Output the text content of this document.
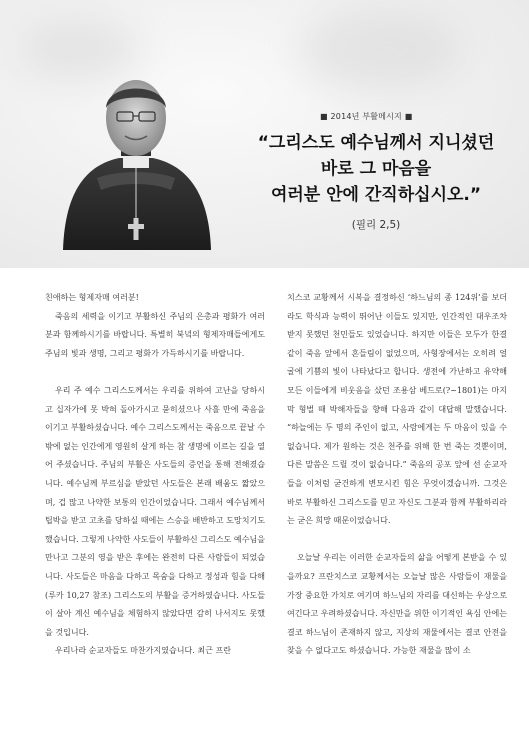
■ 2014년 부활메시지 ■
“그리스도 예수님께서 지니셨던
바로 그 마음을
여러분 안에 간직하십시오.”
(필리 2,5)

친애하는 형제자매 여러분!

죽음의 세력을 이기고 부활하신 주님의 은총과 평화가 여러분과 함께하시기를 바랍니다. 특별히 북녘의 형제자매들에게도 주님의 빛과 생명, 그리고 평화가 가득하시기를 바랍니다.

우리 주 예수 그리스도께서는 우리를 위하여 고난을 당하시고 십자가에 못 박혀 돌아가시고 묻히셨으나 사흘 만에 죽음을 이기고 부활하셨습니다. 예수 그리스도께서는 죽음으로 끝날 수 밖에 없는 인간에게 영원히 살게 하는 참 생명에 이르는 길을 열어 주셨습니다. 주님의 부활은 사도들의 증언을 통해 전해졌습니다. 예수님께 부르심을 받았던 사도들은 본래 배움도 짧았으며, 겁 많고 나약한 보통의 인간이었습니다. 그래서 예수님께서 팁박을 받고 고초를 당하실 때에는 스승을 배반하고 도망치기도 했습니다. 그렇게 나약한 사도들이 부활하신 그리스도 예수님을 만나고 그분의 영을 받은 후에는 완전히 다른 사람들이 되었습니다. 사도들은 마음을 다하고 목숨을 다하고 정성과 힘을 다해(루카 10,27 참조) 그리스도의 부활을 증거하였습니다. 사도들이 살아 계신 예수님을 체험하지 않았다면 감히 나서지도 못했을 것입니다.

우리나라 순교자들도 마찬가지였습니다. 최근 프란

치스코 교황께서 시복을 결정하신 ‘하느님의 종 124위’를 보더라도 학식과 능력이 뛰어난 이들도 있지만, 인간적인 대우조차 받지 못했던 천민들도 있었습니다. 하지만 이들은 모두가 한결같이 죽음 앞에서 흔들림이 없었으며, 사형장에서는 오히려 얼굴에 기쁨의 빛이 나타났다고 합니다. 생전에 가난하고 유약해 모든 이들에게 비웃음을 샀던 조용삼 베드로(?~1801)는 마지막 형벌 때 박해자들을 향해 다음과 같이 대답해 말했습니다. “하늘에는 두 명의 주인이 없고, 사람에게는 두 마음이 있을 수 없습니다. 제가 원하는 것은 천주를 위해 한 번 죽는 것뿐이며, 다른 말씀은 드릴 것이 없습니다.” 죽음의 공포 앞에 선 순교자들을 이처럼 굳건하게 변모시킨 힘은 무엇이겠습니까. 그것은 바로 부활하신 그리스도를 믿고 자신도 그분과 함께 부활하리라는 굳은 희망 때문이었습니다.

오늘날 우리는 이러한 순교자들의 삶을 어떻게 본받을 수 있을까요? 프란치스코 교황께서는 오늘날 많은 사람들이 재물을 가장 중요한 가치로 여기며 하느님의 자리를 대신하는 우상으로 여긴다고 우려하셨습니다. 자신만을 위한 이기적인 욕심 안에는 결코 하느님이 존재하지 않고, 지상의 재물에서는 결코 안전을 찾을 수 없다고도 하셨습니다. 가능한 재물을 많이 소
